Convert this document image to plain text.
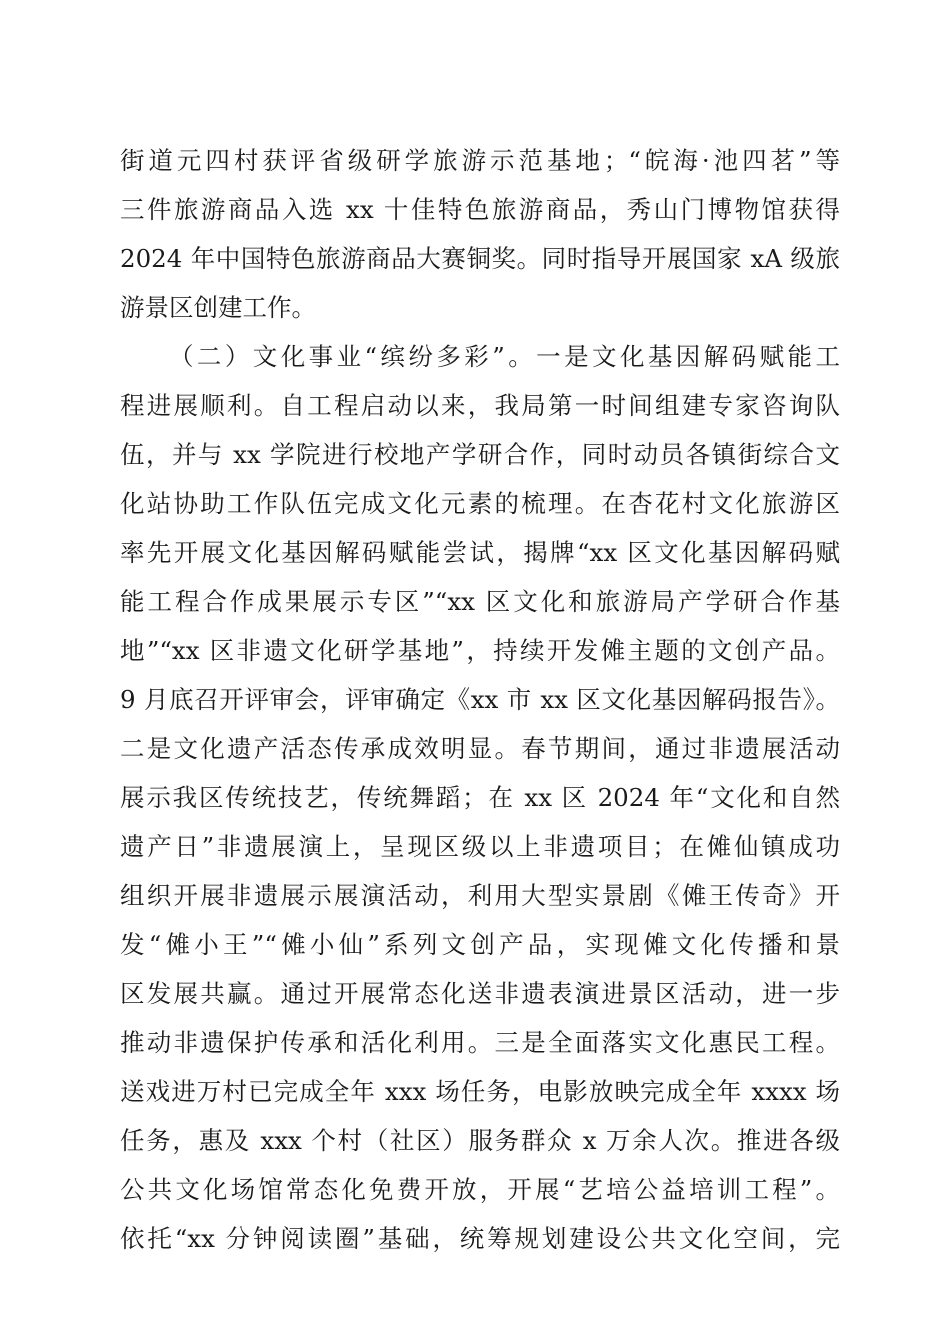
街道元四村获评省级研学旅游示范基地；“皖海·池四茗”等
三件旅游商品入选 xx 十佳特色旅游商品，秀山门博物馆获得
2024 年中国特色旅游商品大赛铜奖。同时指导开展国家 xA 级旅
游景区创建工作。
（二）文化事业“缤纷多彩”。一是文化基因解码赋能工
程进展顺利。自工程启动以来，我局第一时间组建专家咨询队
伍，并与 xx 学院进行校地产学研合作，同时动员各镇街综合文
化站协助工作队伍完成文化元素的梳理。在杏花村文化旅游区
率先开展文化基因解码赋能尝试，揭牌“xx 区文化基因解码赋
能工程合作成果展示专区”“xx 区文化和旅游局产学研合作基
地”“xx 区非遗文化研学基地”，持续开发傩主题的文创产品。
9 月底召开评审会，评审确定《xx 市 xx 区文化基因解码报告》。
二是文化遗产活态传承成效明显。春节期间，通过非遗展活动
展示我区传统技艺，传统舞蹈；在 xx 区 2024 年“文化和自然
遗产日”非遗展演上，呈现区级以上非遗项目；在傩仙镇成功
组织开展非遗展示展演活动，利用大型实景剧《傩王传奇》开
发“傩小王”“傩小仙”系列文创产品，实现傩文化传播和景
区发展共赢。通过开展常态化送非遗表演进景区活动，进一步
推动非遗保护传承和活化利用。三是全面落实文化惠民工程。
送戏进万村已完成全年 xxx 场任务，电影放映完成全年 xxxx 场
任务，惠及 xxx 个村（社区）服务群众 x 万余人次。推进各级
公共文化场馆常态化免费开放，开展“艺培公益培训工程”。
依托“xx 分钟阅读圈”基础，统筹规划建设公共文化空间，完
